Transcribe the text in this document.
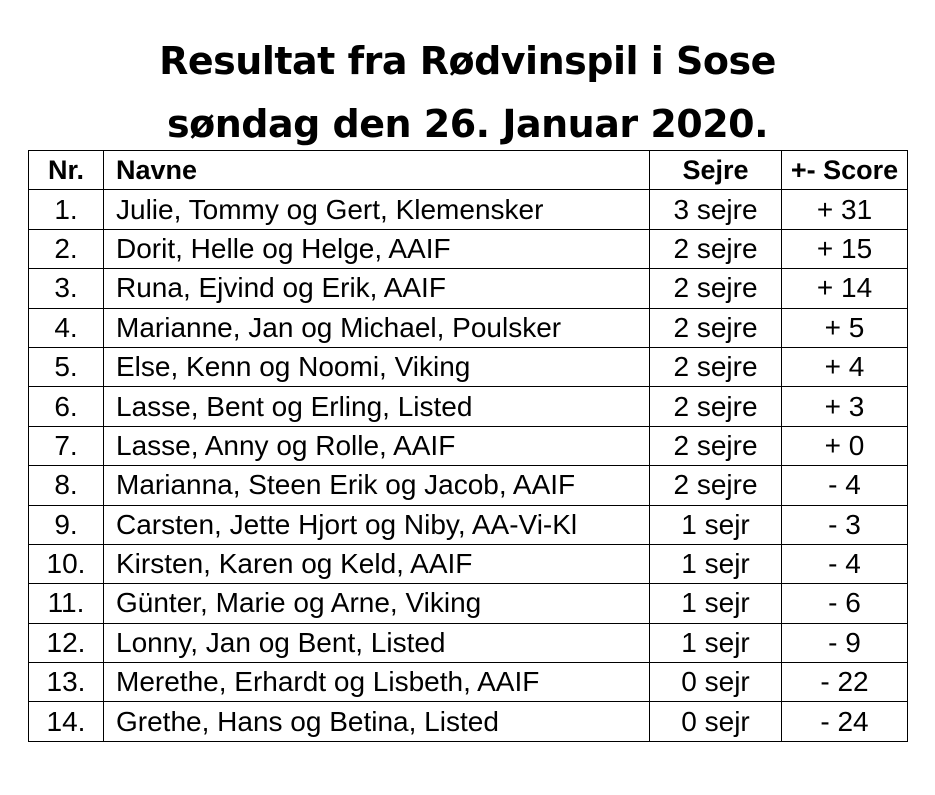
Resultat fra Rødvinspil i Sose
søndag den 26. Januar 2020.
Nr.	Navne	Sejre	+- Score
1.	Julie, Tommy og Gert, Klemensker	3 sejre	+ 31
2.	Dorit, Helle og Helge, AAIF	2 sejre	+ 15
3.	Runa, Ejvind og Erik, AAIF	2 sejre	+ 14
4.	Marianne, Jan og Michael, Poulsker	2 sejre	+ 5
5.	Else, Kenn og Noomi, Viking	2 sejre	+ 4
6.	Lasse, Bent og Erling, Listed	2 sejre	+ 3
7.	Lasse, Anny og Rolle, AAIF	2 sejre	+ 0
8.	Marianna, Steen Erik og Jacob, AAIF	2 sejre	- 4
9.	Carsten, Jette Hjort og Niby, AA-Vi-Kl	1 sejr	- 3
10.	Kirsten, Karen og Keld, AAIF	1 sejr	- 4
11.	Günter, Marie og Arne, Viking	1 sejr	- 6
12.	Lonny, Jan og Bent, Listed	1 sejr	- 9
13.	Merethe, Erhardt og Lisbeth, AAIF	0 sejr	- 22
14.	Grethe, Hans og Betina, Listed	0 sejr	- 24
